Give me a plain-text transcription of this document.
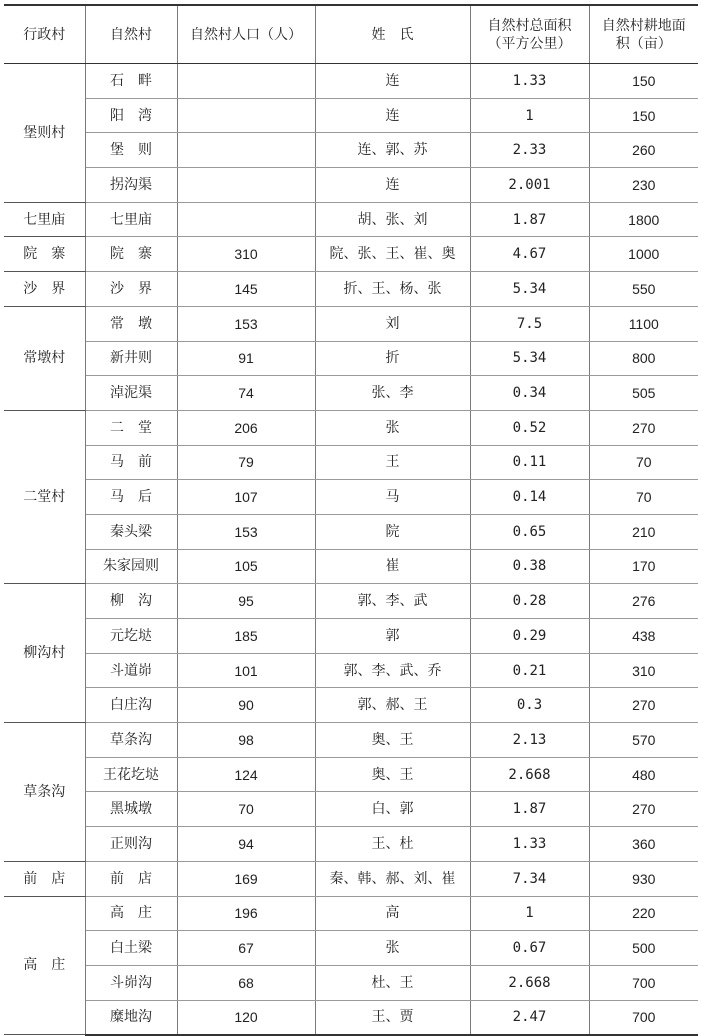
行政村	自然村	自然村人口（人）	姓　氏	自然村总面积（平方公里）	自然村耕地面积（亩）
堡则村	石　畔		连	1.33	150
	阳　湾		连	1	150
	堡　则		连、郭、苏	2.33	260
	拐沟渠		连	2.001	230
七里庙	七里庙		胡、张、刘	1.87	1800
院　寨	院　寨	310	院、张、王、崔、奥	4.67	1000
沙　界	沙　界	145	折、王、杨、张	5.34	550
常墩村	常　墩	153	刘	7.5	1100
	新井则	91	折	5.34	800
	淖泥渠	74	张、李	0.34	505
二堂村	二　堂	206	张	0.52	270
	马　前	79	王	0.11	70
	马　后	107	马	0.14	70
	秦头梁	153	院	0.65	210
	朱家园则	105	崔	0.38	170
柳沟村	柳　沟	95	郭、李、武	0.28	276
	元圪垯	185	郭	0.29	438
	斗道峁	101	郭、李、武、乔	0.21	310
	白庄沟	90	郭、郝、王	0.3	270
草条沟	草条沟	98	奥、王	2.13	570
	王花圪垯	124	奥、王	2.668	480
	黑城墩	70	白、郭	1.87	270
	正则沟	94	王、杜	1.33	360
前　店	前　店	169	秦、韩、郝、刘、崔	7.34	930
高　庄	高　庄	196	高	1	220
	白土梁	67	张	0.67	500
	斗峁沟	68	杜、王	2.668	700
	糜地沟	120	王、贾	2.47	700
